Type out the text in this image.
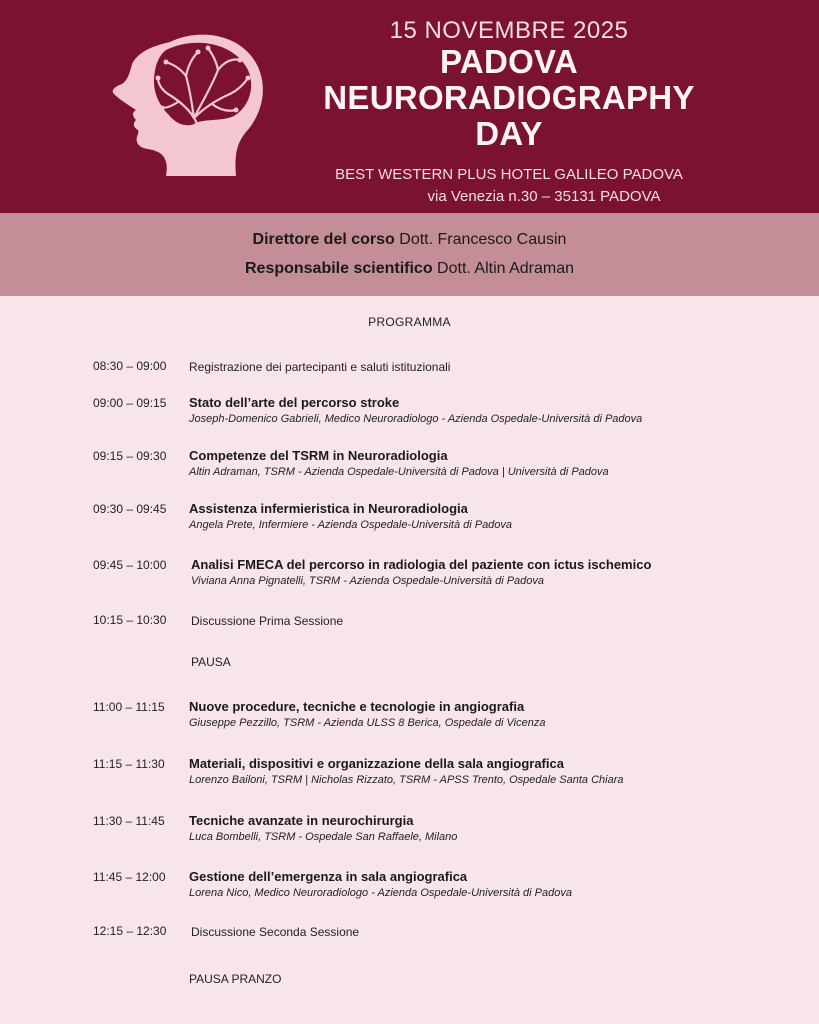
15 NOVEMBRE 2025
PADOVA
NEURORADIOGRAPHY
DAY
BEST WESTERN PLUS HOTEL GALILEO PADOVA
via Venezia n.30 – 35131 PADOVA
Direttore del corso Dott. Francesco Causin
Responsabile scientifico Dott. Altin Adraman
PROGRAMMA
08:30 – 09:00 Registrazione dei partecipanti e saluti istituzionali
09:00 – 09:15 Stato dell’arte del percorso stroke
Joseph-Domenico Gabrieli, Medico Neuroradiologo - Azienda Ospedale-Università di Padova
09:15 – 09:30 Competenze del TSRM in Neuroradiologia
Altin Adraman, TSRM - Azienda Ospedale-Università di Padova | Università di Padova
09:30 – 09:45 Assistenza infermieristica in Neuroradiologia
Angela Prete, Infermiere - Azienda Ospedale-Università di Padova
09:45 – 10:00 Analisi FMECA del percorso in radiologia del paziente con ictus ischemico
Viviana Anna Pignatelli, TSRM - Azienda Ospedale-Università di Padova
10:15 – 10:30 Discussione Prima Sessione
PAUSA
11:00 – 11:15 Nuove procedure, tecniche e tecnologie in angiografia
Giuseppe Pezzillo, TSRM - Azienda ULSS 8 Berica, Ospedale di Vicenza
11:15 – 11:30 Materiali, dispositivi e organizzazione della sala angiografica
Lorenzo Bailoni, TSRM | Nicholas Rizzato, TSRM - APSS Trento, Ospedale Santa Chiara
11:30 – 11:45 Tecniche avanzate in neurochirurgia
Luca Bombelli, TSRM - Ospedale San Raffaele, Milano
11:45 – 12:00 Gestione dell’emergenza in sala angiografica
Lorena Nico, Medico Neuroradiologo - Azienda Ospedale-Università di Padova
12:15 – 12:30 Discussione Seconda Sessione
PAUSA PRANZO
